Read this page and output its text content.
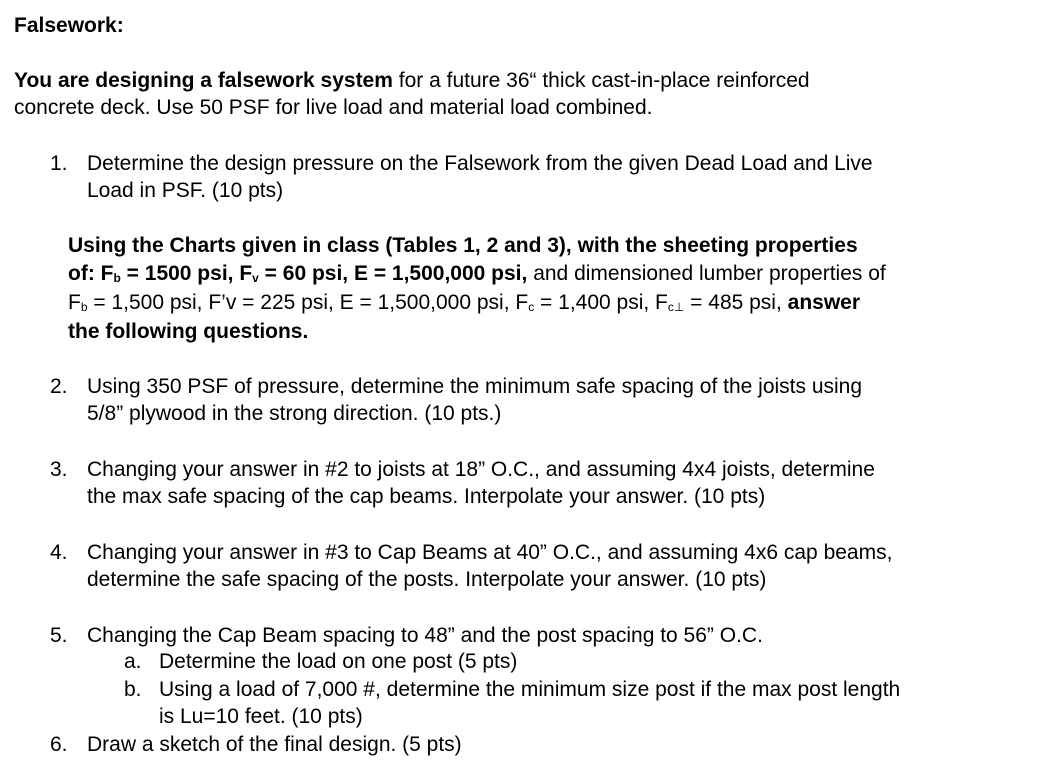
Falsework:
You are designing a falsework system for a future 36“ thick cast-in-place reinforced
concrete deck. Use 50 PSF for live load and material load combined.
1. Determine the design pressure on the Falsework from the given Dead Load and Live
Load in PSF. (10 pts)
Using the Charts given in class (Tables 1, 2 and 3), with the sheeting properties
of: Fb = 1500 psi, Fv = 60 psi, E = 1,500,000 psi, and dimensioned lumber properties of
Fb = 1,500 psi, F’v = 225 psi, E = 1,500,000 psi, Fc = 1,400 psi, Fc⊥ = 485 psi, answer
the following questions.
2. Using 350 PSF of pressure, determine the minimum safe spacing of the joists using
5/8” plywood in the strong direction. (10 pts.)
3. Changing your answer in #2 to joists at 18” O.C., and assuming 4x4 joists, determine
the max safe spacing of the cap beams. Interpolate your answer. (10 pts)
4. Changing your answer in #3 to Cap Beams at 40” O.C., and assuming 4x6 cap beams,
determine the safe spacing of the posts. Interpolate your answer. (10 pts)
5. Changing the Cap Beam spacing to 48” and the post spacing to 56” O.C.
a. Determine the load on one post (5 pts)
b. Using a load of 7,000 #, determine the minimum size post if the max post length
is Lu=10 feet. (10 pts)
6. Draw a sketch of the final design. (5 pts)
